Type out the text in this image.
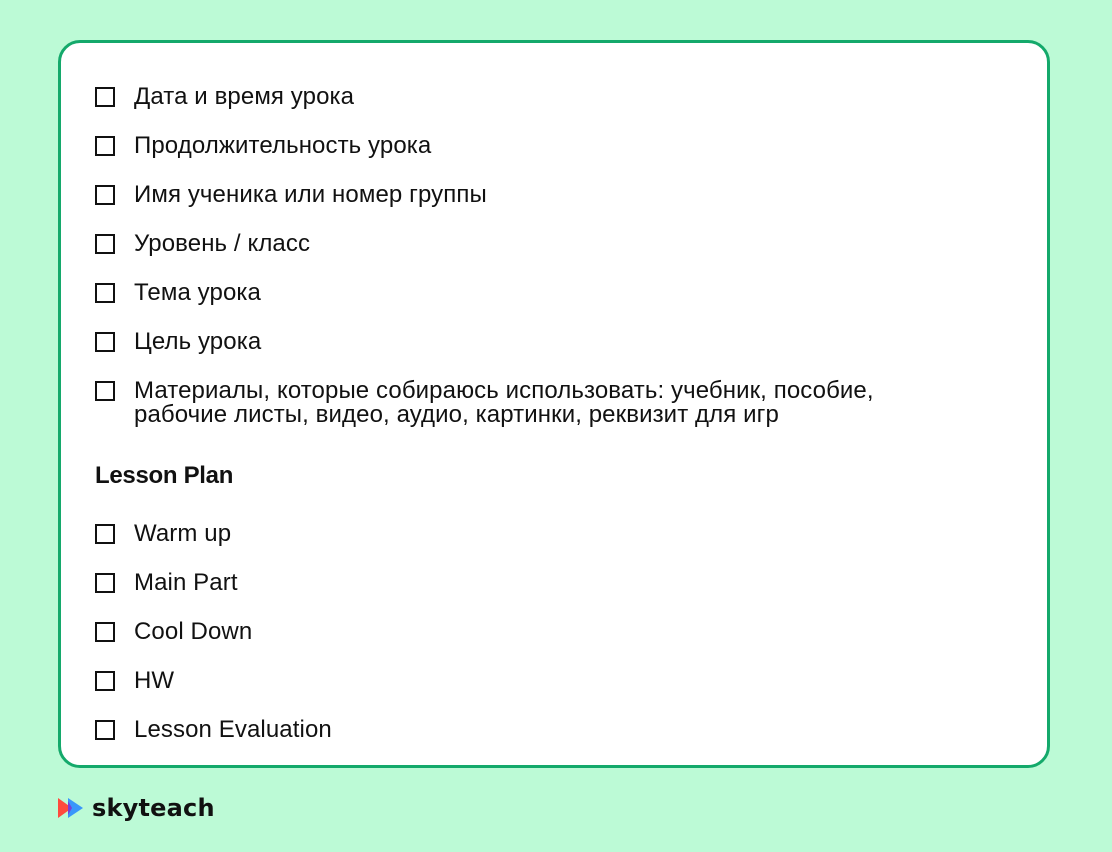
Дата и время урока
Продолжительность урока
Имя ученика или номер группы
Уровень / класс
Тема урока
Цель урока
Материалы, которые собираюсь использовать: учебник, пособие,
рабочие листы, видео, аудио, картинки, реквизит для игр
Lesson Plan
Warm up
Main Part
Cool Down
HW
Lesson Evaluation
skyteach
